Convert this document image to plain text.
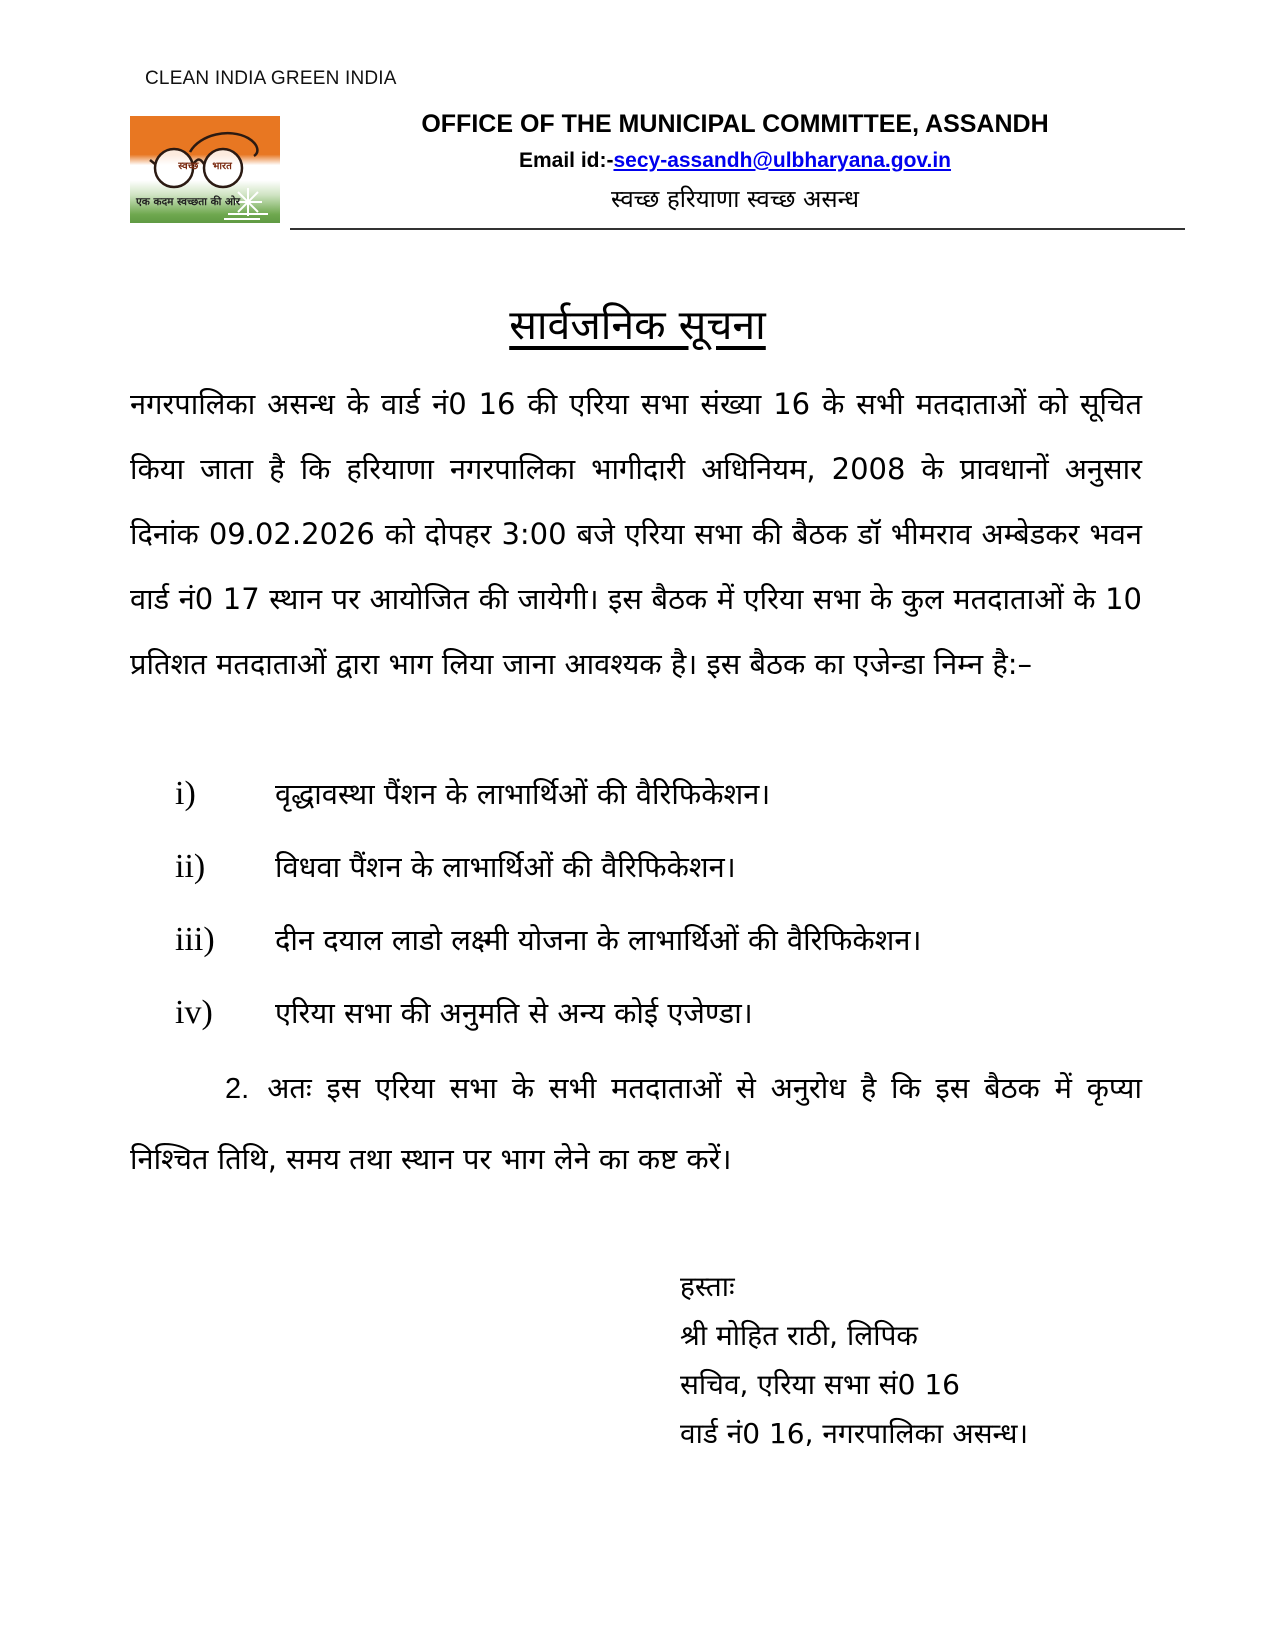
CLEAN INDIA GREEN INDIA
स्वच्छ भारत
एक कदम स्वच्छता की ओर
OFFICE OF THE MUNICIPAL COMMITTEE, ASSANDH
Email id:-secy-assandh@ulbharyana.gov.in
स्वच्छ हरियाणा स्वच्छ असन्ध
सार्वजनिक सूचना

नगरपालिका असन्ध के वार्ड नं0 16 की एरिया सभा संख्या 16 के सभी मतदाताओं को सूचित किया जाता है कि हरियाणा नगरपालिका भागीदारी अधिनियम, 2008 के प्रावधानों अनुसार दिनांक 09.02.2026 को दोपहर 3:00 बजे एरिया सभा की बैठक डॉ भीमराव अम्बेडकर भवन वार्ड नं0 17 स्थान पर आयोजित की जायेगी। इस बैठक में एरिया सभा के कुल मतदाताओं के 10 प्रतिशत मतदाताओं द्वारा भाग लिया जाना आवश्यक है। इस बैठक का एजेन्डा निम्न है:–

i)	वृद्धावस्था पैंशन के लाभार्थिओं की वैरिफिकेशन।
ii)	विधवा पैंशन के लाभार्थिओं की वैरिफिकेशन।
iii)	दीन दयाल लाडो लक्ष्मी योजना के लाभार्थिओं की वैरिफिकेशन।
iv)	एरिया सभा की अनुमति से अन्य कोई एजेण्डा।

2. अतः इस एरिया सभा के सभी मतदाताओं से अनुरोध है कि इस बैठक में कृप्या निश्चित तिथि, समय तथा स्थान पर भाग लेने का कष्ट करें।

हस्ताः
श्री मोहित राठी, लिपिक
सचिव, एरिया सभा सं0 16
वार्ड नं0 16, नगरपालिका असन्ध।
